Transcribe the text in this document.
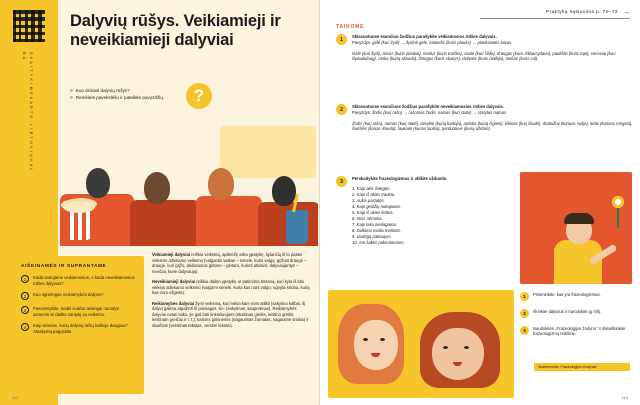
S K A I T Y K I M E K A R T U · L I E T U V I Ų K A L B A
Dalyvių rūšys. Veikiamieji ir neveikiamieji dalyviai
» Kuo skiriasi dalyvių rūšys?
» Remkitės pavekslėliu ir pateikite pavyzdžių.	?
AIŠKINAMĖS IR SUPRANTAME
1	Kada vartojame veikiamosios, o kada neveikiamosios rūšies dalyvius?
2	Kuo sgretingas neikiamybės dalyvis?
3	Pasvarstykite, kodėl svarbu teisingai nurodyti asmenis ar daikto santykį su veiksmu.
4	Kaip manote, kurių dalyvių rūšių kalboje daugiau? Atsakymą pagrįskite.

Veikiamieji dalyviai reiškia veiksmą, apibrėžę arba ypatybę, kylančią iš to paties veiksmo atliekamo veiksmo (valgantis vaikas – senelė, kuris valgo, grįžusi draugė – draugė, kuri grįžo, atidavusios gintaro – gintaro, kurios atidavo; dalyvaujantys – sveičiai, kurie dalyvauja).

Neveikiamieji dalyviai reiškia daikto ypatybę ar patimimą būseną, kuri kyla iš kito veikėjo atliekamo veiksmo (valgomi senelė, kuria kas nors valgo; ugnyta sriuba, kurią kas nors užgesa).

Reikiamybės dalyviai žymi veiksmą, kurį reikia kam nors atlikti (sakytina kalbai, šį dalyvį galima atpažinti iš priesagos -tin- (sakytinas, sauprotinas). Reikiamybės dalyviai netuti laiko, jie gali būti linksniuojami (skaitinas greitis, leistino greitis; leistinam greičiui ir t. t.); kaitomi giminėmis (nagautinas žurnalas, nagautine sriuba) ir skaičiais (verstinas tekstas, verstini tekstai).

112
Praktykų sąsiuvinis p. 70–72 →
TAIKOME
1	Sklasuotuose esančiuo žodžius parašykite veikiamosios rūšies dalyvais.
Pavyzdys: gėlė (kuri žydi) → žydinti gėlė, balandis (kuris plauks) → plauksiantis laivas.

Gėlė (kuri žydi), teisas (kuris plaukia), medus (kuris traiška), saulė (kuri šildo), draugas (kuris išklausydavo), paukštis (kuris tupi), senoviai (kuri išplaukdaug), ranka (kuriq skauda), žmogus (kuris skaitys), dvirtatis (kuris riedėjo), mūšas (kuris cal).
2	Sklasuotuose esančiuos žodžius parašykite neveikiamosios rūšies dalyvais.
Pavyzdys: žodis (kurį rašo) → rašomas žodis, namas (kurį statė) → statytas namas.

Žodis (kurį rašo), namas (kurį statė), taisyklė (kurią kartoja), ardaba (kurią išgieni), kilimas (kurį išvalė), drabužiai (kuriuos sulijo), ledai (kuriuos mėgsta), šiukšlės (kurias išmeta), laukiam (kurios laukia), parduotuvė (kurią uždaro).
3	Perskaitykite frazeologizmus ir atlikite užduotis.
1. Kaip akis išdegęs.
2. Kaip iš akies traukta.
3. Aukis pastatęs.
4. Kaip geidžių nukapotas.
5. Kaip iš akies lentos.
6. Nors nemoko.
7. Kaip laka niedagama.
8. Dulkimu mailiu trenktas.
9. Uodegą pakaupęs.
10. Ant šakės pakeriotomes.
1	Prisiminkite, kas yra frazeologizmas.
2	Išrinkite dalyvius ir nurodykite jų rūšį.
3	Naudokitės „Frazeologijos žodynu“ ir išsiaiškinkite frazeologizmų reikšmę.
Skaitmeninis „Frazeologijos žodynas“
113
